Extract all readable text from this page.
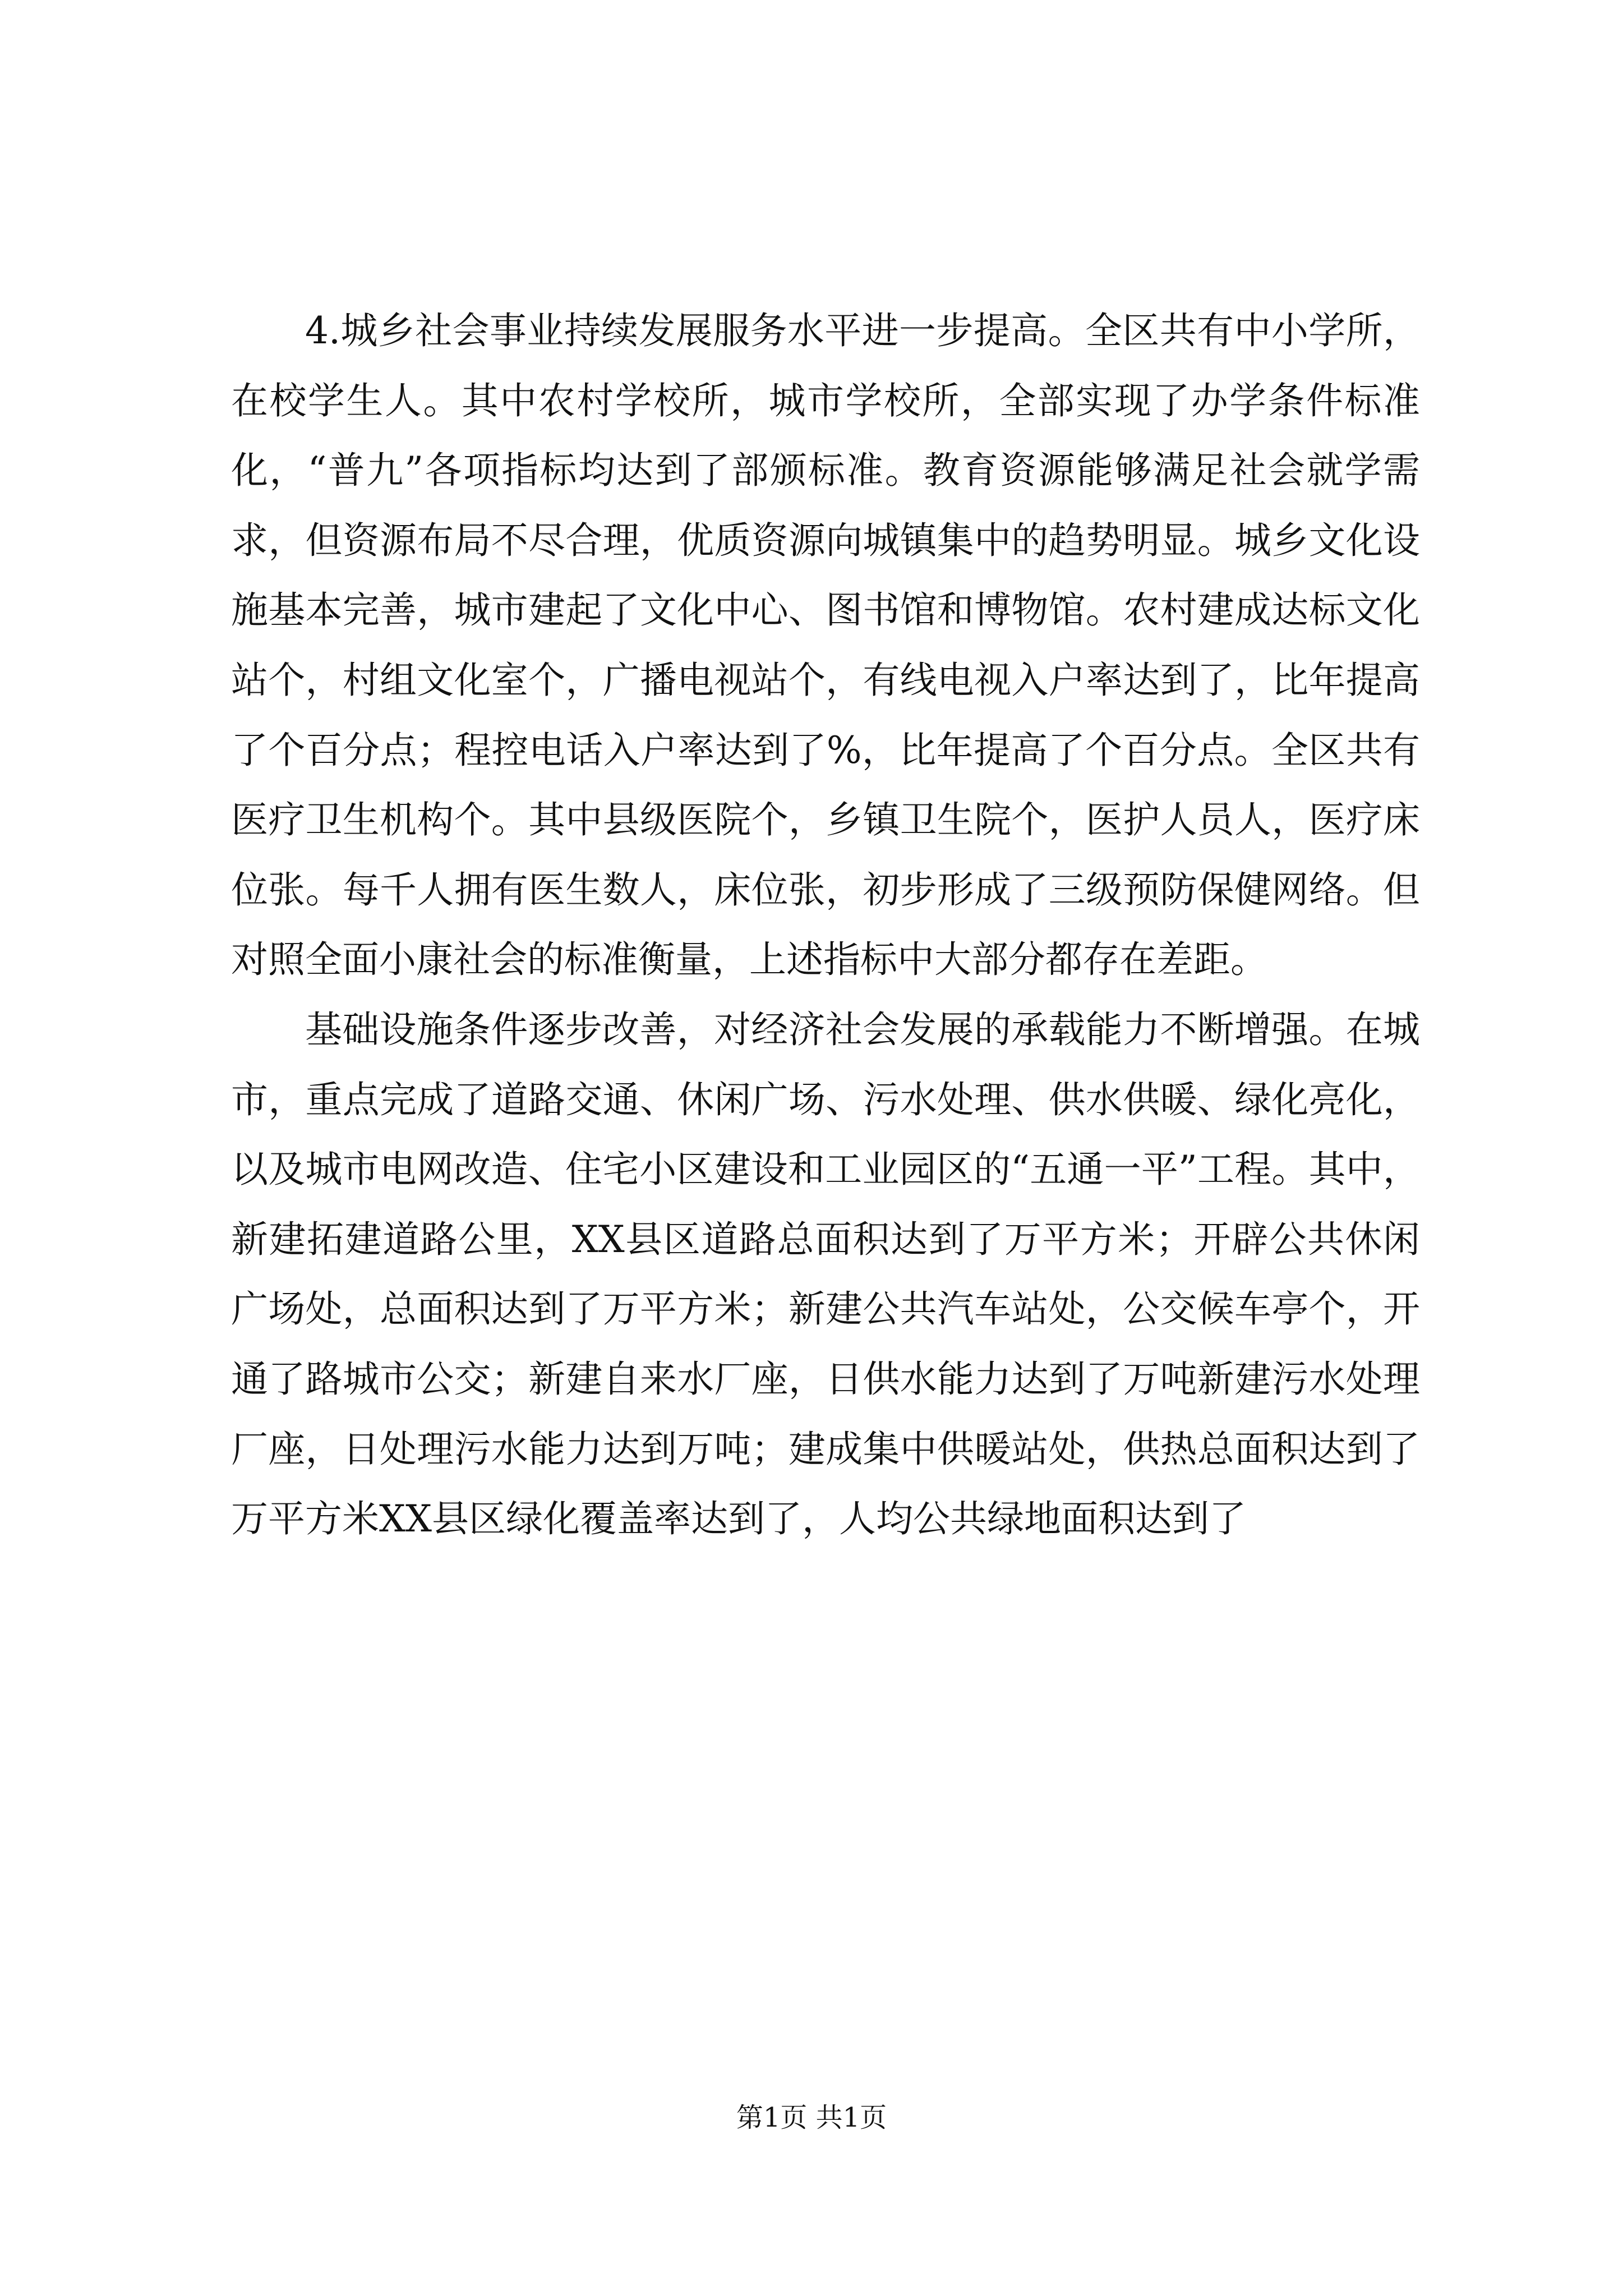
4.城乡社会事业持续发展服务水平进一步提高。全区共有中小学所，在校学生人。其中农村学校所，城市学校所，全部实现了办学条件标准化，“普九”各项指标均达到了部颁标准。教育资源能够满足社会就学需求，但资源布局不尽合理，优质资源向城镇集中的趋势明显。城乡文化设施基本完善，城市建起了文化中心、图书馆和博物馆。农村建成达标文化站个，村组文化室个，广播电视站个，有线电视入户率达到了，比年提高了个百分点；程控电话入户率达到了%，比年提高了个百分点。全区共有医疗卫生机构个。其中县级医院个，乡镇卫生院个，医护人员人，医疗床位张。每千人拥有医生数人，床位张，初步形成了三级预防保健网络。但对照全面小康社会的标准衡量，上述指标中大部分都存在差距。

基础设施条件逐步改善，对经济社会发展的承载能力不断增强。在城市，重点完成了道路交通、休闲广场、污水处理、供水供暖、绿化亮化，以及城市电网改造、住宅小区建设和工业园区的“五通一平”工程。其中，新建拓建道路公里，XX县区道路总面积达到了万平方米；开辟公共休闲广场处，总面积达到了万平方米；新建公共汽车站处，公交候车亭个，开通了路城市公交；新建自来水厂座，日供水能力达到了万吨新建污水处理厂座，日处理污水能力达到万吨；建成集中供暖站处，供热总面积达到了万平方米XX县区绿化覆盖率达到了，人均公共绿地面积达到了

第1页 共1页
